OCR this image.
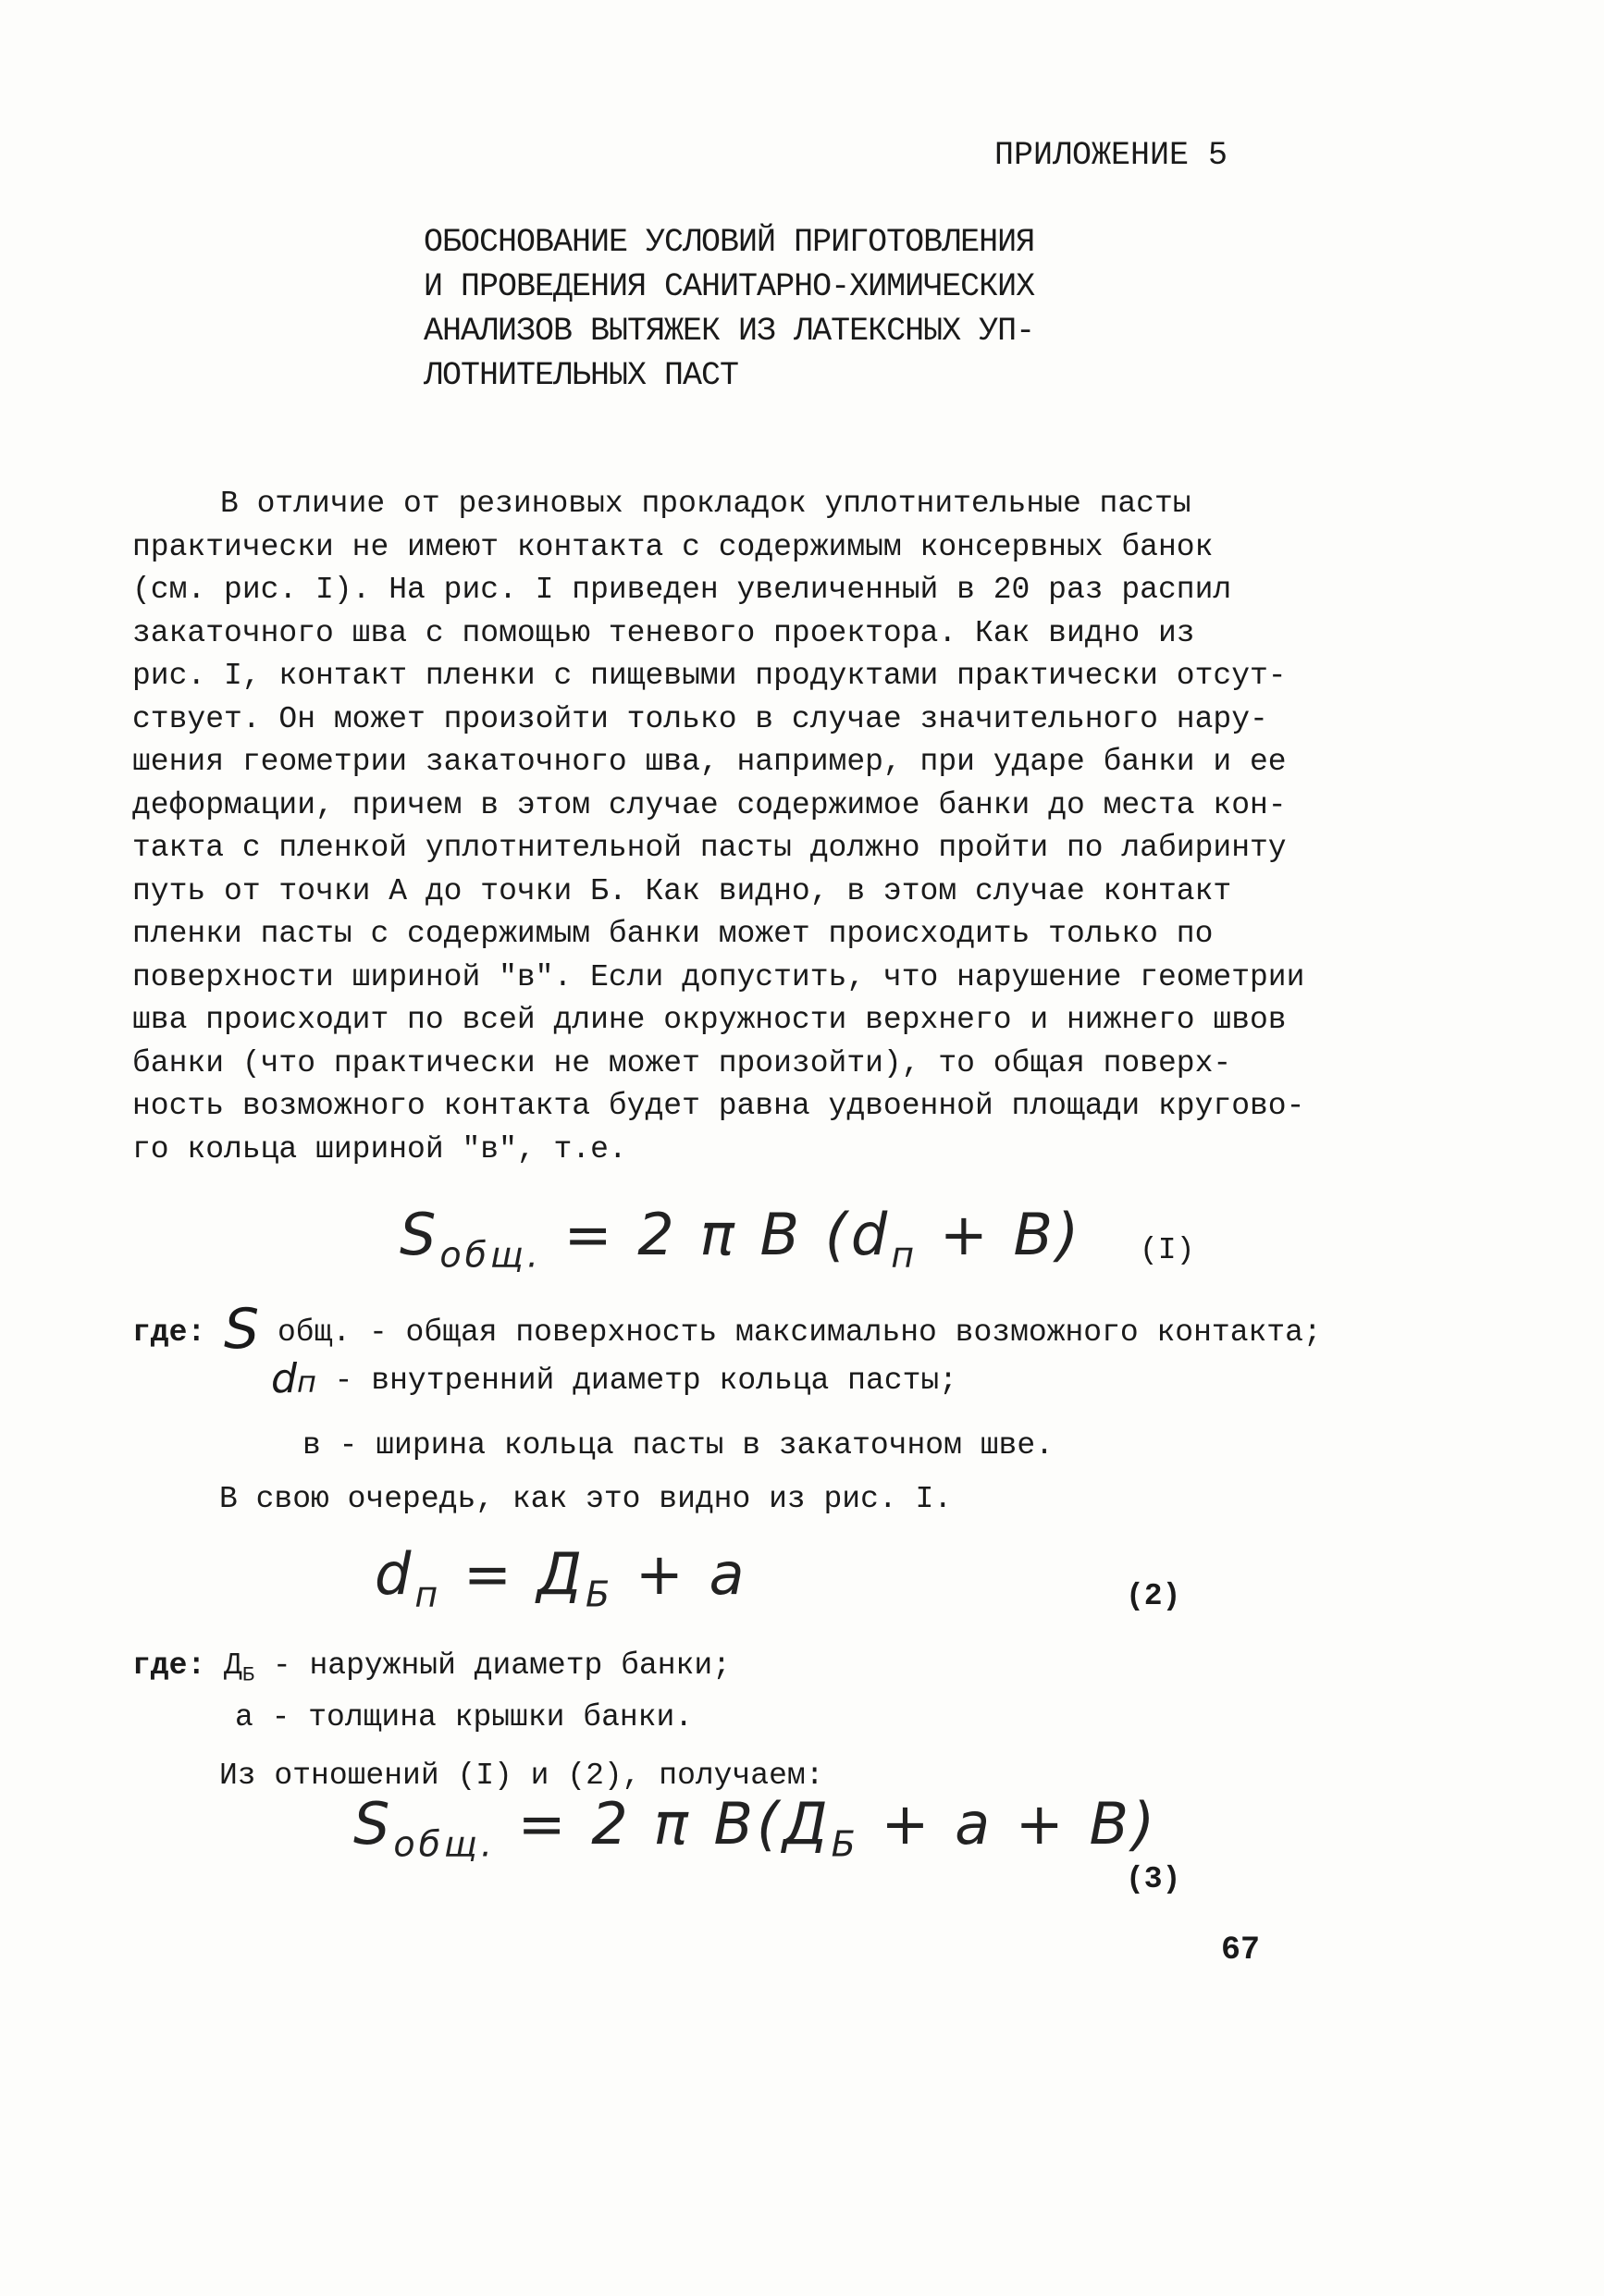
ПРИЛОЖЕНИЕ 5
ОБОСНОВАНИЕ УСЛОВИЙ ПРИГОТОВЛЕНИЯ
И ПРОВЕДЕНИЯ САНИТАРНО-ХИМИЧЕСКИХ
АНАЛИЗОВ ВЫТЯЖЕК ИЗ ЛАТЕКСНЫХ УП-
ЛОТНИТЕЛЬНЫХ ПАСТ
В отличие от резиновых прокладок уплотнительные пасты
практически не имеют контакта с содержимым консервных банок
(см. рис. I). На рис. I приведен увеличенный в 20 раз распил
закаточного шва с помощью теневого проектора. Как видно из
рис. I, контакт пленки с пищевыми продуктами практически отсут-
ствует. Он может произойти только в случае значительного нару-
шения геометрии закаточного шва, например, при ударе банки и ее
деформации, причем в этом случае содержимое банки до места кон-
такта с пленкой уплотнительной пасты должно пройти по лабиринту
путь от точки А до точки Б. Как видно, в этом случае контакт
пленки пасты с содержимым банки может происходить только по
поверхности шириной "в". Если допустить, что нарушение геометрии
шва происходит по всей длине окружности верхнего и нижнего швов
банки (что практически не может произойти), то общая поверх-
ность возможного контакта будет равна удвоенной площади кругово-
го кольца шириной "в", т.е.
$S_{общ.} = 2$ π B $(d_п + B)$ (I)
где: S общ. - общая поверхность максимально возможного контакта;
dп - внутренний диаметр кольца пасты;
в - ширина кольца пасты в закаточном шве.
В свою очередь, как это видно из рис. I.
$d_п = Д_Б + a$	(2)
где: $Д_Б$ - наружный диаметр банки;
а - толщина крышки банки.
Из отношений (I) и (2), получаем:
$S_{общ.} = 2$ π $B(Д_Б + a + B)$
(3)
67
